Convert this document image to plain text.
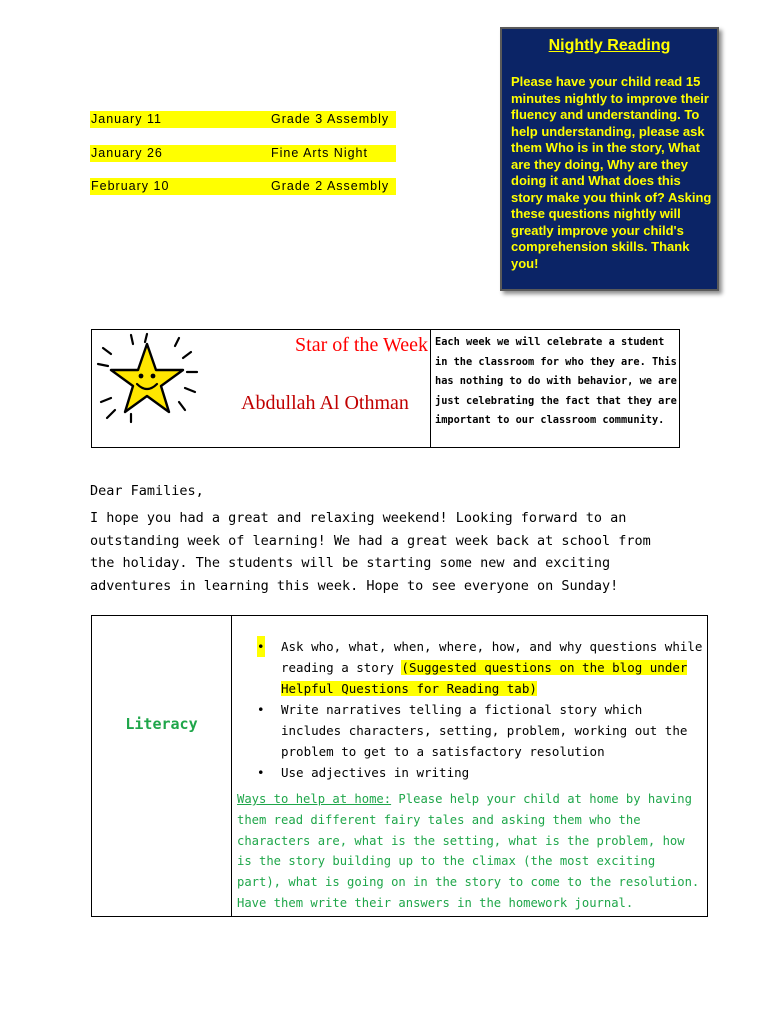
January 11	Grade 3 Assembly
January 26	Fine Arts Night
February 10	Grade 2 Assembly
Nightly Reading
Please have your child read 15 minutes nightly to improve their fluency and understanding. To help understanding, please ask them Who is in the story, What are they doing, Why are they doing it and What does this story make you think of? Asking these questions nightly will greatly improve your child's comprehension skills. Thank you!
Star of the Week
Abdullah Al Othman
Each week we will celebrate a student in the classroom for who they are. This has nothing to do with behavior, we are just celebrating the fact that they are important to our classroom community.
Dear Families,
I hope you had a great and relaxing weekend! Looking forward to an outstanding week of learning! We had a great week back at school from the holiday. The students will be starting some new and exciting adventures in learning this week. Hope to see everyone on Sunday!
Literacy
• Ask who, what, when, where, how, and why questions while reading a story (Suggested questions on the blog under Helpful Questions for Reading tab)
• Write narratives telling a fictional story which includes characters, setting, problem, working out the problem to get to a satisfactory resolution
• Use adjectives in writing
Ways to help at home: Please help your child at home by having them read different fairy tales and asking them who the characters are, what is the setting, what is the problem, how is the story building up to the climax (the most exciting part), what is going on in the story to come to the resolution. Have them write their answers in the homework journal.
